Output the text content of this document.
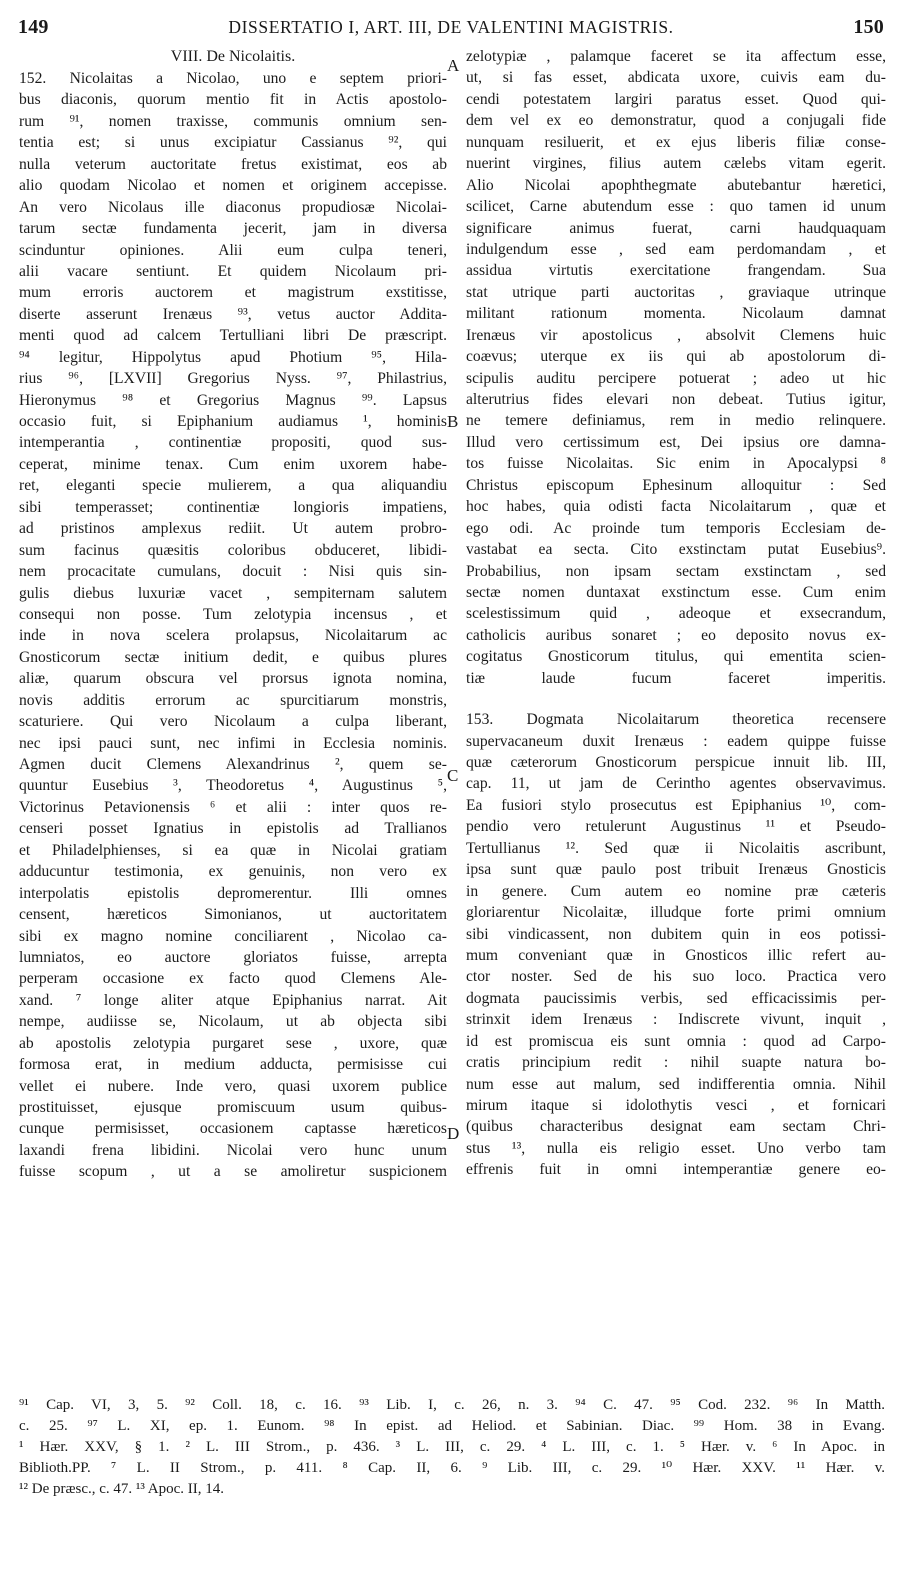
149	DISSERTATIO I, ART. III, DE VALENTINI MAGISTRIS.	150
VIII. De Nicolaitis.
152. Nicolaitas a Nicolao, uno e septem priori-
bus diaconis, quorum mentio fit in Actis apostolo-
rum ⁹¹, nomen traxisse, communis omnium sen-
tentia est; si unus excipiatur Cassianus ⁹², qui
nulla veterum auctoritate fretus existimat, eos ab
alio quodam Nicolao et nomen et originem accepisse.
An vero Nicolaus ille diaconus propudiosæ Nicolai-
tarum sectæ fundamenta jecerit, jam in diversa
scinduntur opiniones. Alii eum culpa teneri,
alii vacare sentiunt. Et quidem Nicolaum pri-
mum erroris auctorem et magistrum exstitisse,
diserte asserunt Irenæus ⁹³, vetus auctor Addita-
menti quod ad calcem Tertulliani libri De præscript.
⁹⁴ legitur, Hippolytus apud Photium ⁹⁵, Hila-
rius ⁹⁶, [LXVII] Gregorius Nyss. ⁹⁷, Philastrius,
Hieronymus ⁹⁸ et Gregorius Magnus ⁹⁹. Lapsus
occasio fuit, si Epiphanium audiamus ¹, hominis
intemperantia , continentiæ propositi, quod sus-
ceperat, minime tenax. Cum enim uxorem habe-
ret, eleganti specie mulierem, a qua aliquandiu
sibi temperasset; continentiæ longioris impatiens,
ad pristinos amplexus rediit. Ut autem probro-
sum facinus quæsitis coloribus obduceret, libidi-
nem procacitate cumulans, docuit : Nisi quis sin-
gulis diebus luxuriæ vacet , sempiternam salutem
consequi non posse. Tum zelotypia incensus , et
inde in nova scelera prolapsus, Nicolaitarum ac
Gnosticorum sectæ initium dedit, e quibus plures
aliæ, quarum obscura vel prorsus ignota nomina,
novis additis errorum ac spurcitiarum monstris,
scaturiere. Qui vero Nicolaum a culpa liberant,
nec ipsi pauci sunt, nec infimi in Ecclesia nominis.
Agmen ducit Clemens Alexandrinus ², quem se-
quuntur Eusebius ³, Theodoretus ⁴, Augustinus ⁵,
Victorinus Petavionensis ⁶ et alii : inter quos re-
censeri posset Ignatius in epistolis ad Trallianos
et Philadelphienses, si ea quæ in Nicolai gratiam
adducuntur testimonia, ex genuinis, non vero ex
interpolatis epistolis depromerentur. Illi omnes
censent, hæreticos Simonianos, ut auctoritatem
sibi ex magno nomine conciliarent , Nicolao ca-
lumniatos, eo auctore gloriatos fuisse, arrepta
perperam occasione ex facto quod Clemens Ale-
xand. ⁷ longe aliter atque Epiphanius narrat. Ait
nempe, audiisse se, Nicolaum, ut ab objecta sibi
ab apostolis zelotypia purgaret sese , uxore, quæ
formosa erat, in medium adducta, permisisse cui
vellet ei nubere. Inde vero, quasi uxorem publice
prostituisset, ejusque promiscuum usum quibus-
cunque permisisset, occasionem captasse hæreticos
laxandi frena libidini. Nicolai vero hunc unum
fuisse scopum , ut a se amoliretur suspicionem
zelotypiæ , palamque faceret se ita affectum esse,
ut, si fas esset, abdicata uxore, cuivis eam du-
cendi potestatem largiri paratus esset. Quod qui-
dem vel ex eo demonstratur, quod a conjugali fide
nunquam resiluerit, et ex ejus liberis filiæ conse-
nuerint virgines, filius autem cælebs vitam egerit.
Alio Nicolai apophthegmate abutebantur hæretici,
scilicet, Carne abutendum esse : quo tamen id unum
significare animus fuerat, carni haudquaquam
indulgendum esse , sed eam perdomandam , et
assidua virtutis exercitatione frangendam. Sua
stat utrique parti auctoritas , graviaque utrinque
militant rationum momenta. Nicolaum damnat
Irenæus vir apostolicus , absolvit Clemens huic
coævus; uterque ex iis qui ab apostolorum di-
scipulis auditu percipere potuerat ; adeo ut hic
alterutrius fides elevari non debeat. Tutius igitur,
ne temere definiamus, rem in medio relinquere.
Illud vero certissimum est, Dei ipsius ore damna-
tos fuisse Nicolaitas. Sic enim in Apocalypsi ⁸
Christus episcopum Ephesinum alloquitur : Sed
hoc habes, quia odisti facta Nicolaitarum , quæ et
ego odi. Ac proinde tum temporis Ecclesiam de-
vastabat ea secta. Cito exstinctam putat Eusebius⁹.
Probabilius, non ipsam sectam exstinctam , sed
sectæ nomen duntaxat exstinctum esse. Cum enim
scelestissimum quid , adeoque et exsecrandum,
catholicis auribus sonaret ; eo deposito novus ex-
cogitatus Gnosticorum titulus, qui ementita scien-
tiæ laude fucum faceret imperitis.
153. Dogmata Nicolaitarum theoretica recensere
supervacaneum duxit Irenæus : eadem quippe fuisse
quæ cæterorum Gnosticorum perspicue innuit lib. III,
cap. 11, ut jam de Cerintho agentes observavimus.
Ea fusiori stylo prosecutus est Epiphanius ¹⁰, com-
pendio vero retulerunt Augustinus ¹¹ et Pseudo-
Tertullianus ¹². Sed quæ ii Nicolaitis ascribunt,
ipsa sunt quæ paulo post tribuit Irenæus Gnosticis
in genere. Cum autem eo nomine præ cæteris
gloriarentur Nicolaitæ, illudque forte primi omnium
sibi vindicassent, non dubitem quin in eos potissi-
mum conveniant quæ in Gnosticos illic refert au-
ctor noster. Sed de his suo loco. Practica vero
dogmata paucissimis verbis, sed efficacissimis per-
strinxit idem Irenæus : Indiscrete vivunt, inquit ,
id est promiscua eis sunt omnia : quod ad Carpo-
cratis principium redit : nihil suapte natura bo-
num esse aut malum, sed indifferentia omnia. Nihil
mirum itaque si idolothytis vesci , et fornicari
(quibus characteribus designat eam sectam Chri-
stus ¹³, nulla eis religio esset. Uno verbo tam
effrenis fuit in omni intemperantiæ genere eo-
A
B
C
D
⁹¹ Cap. VI, 3, 5. ⁹² Coll. 18, c. 16. ⁹³ Lib. I, c. 26, n. 3. ⁹⁴ C. 47. ⁹⁵ Cod. 232. ⁹⁶ In Matth.
c. 25. ⁹⁷ L. XI, ep. 1. Eunom. ⁹⁸ In epist. ad Heliod. et Sabinian. Diac. ⁹⁹ Hom. 38 in Evang.
¹ Hær. XXV, § 1. ² L. III Strom., p. 436. ³ L. III, c. 29. ⁴ L. III, c. 1. ⁵ Hær. v. ⁶ In Apoc. in
Biblioth.PP. ⁷ L. II Strom., p. 411. ⁸ Cap. II, 6. ⁹ Lib. III, c. 29. ¹⁰ Hær. XXV. ¹¹ Hær. v.
¹² De præsc., c. 47. ¹³ Apoc. II, 14.
